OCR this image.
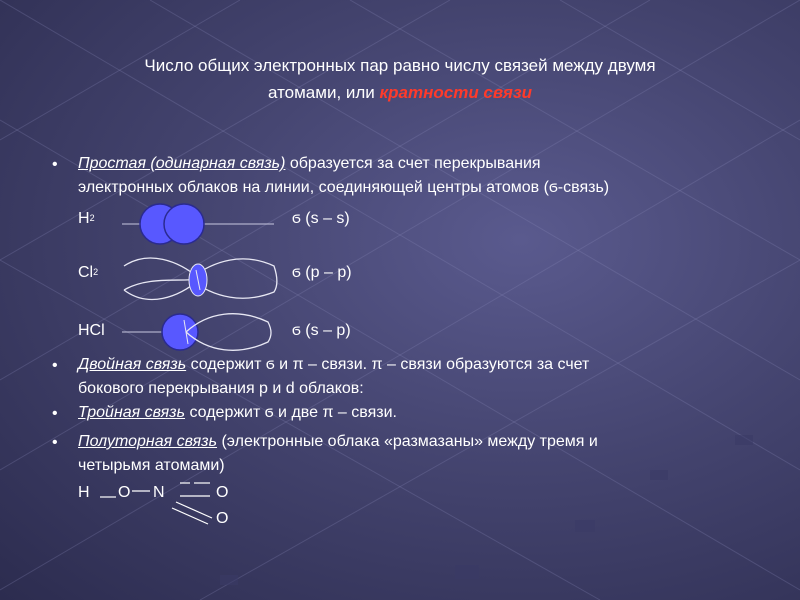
Число общих электронных пар равно числу связей между двумя
атомами, или кратности связи
• Простая (одинарная связь) образуется за счет перекрывания
электронных облаков на линии, соединяющей центры атомов (ϭ-связь)
$H_2$	ϭ (s – s)
$Cl_2$	ϭ (p – p)
HCl	ϭ (s – p)
• Двойная связь содержит ϭ и π – связи. π – связи образуются за счет
бокового перекрывания p и d облаков:
• Тройная связь содержит ϭ и две π – связи.
• Полуторная связь (электронные облака «размазаны» между тремя и
четырьмя атомами)
H O N	O
O
